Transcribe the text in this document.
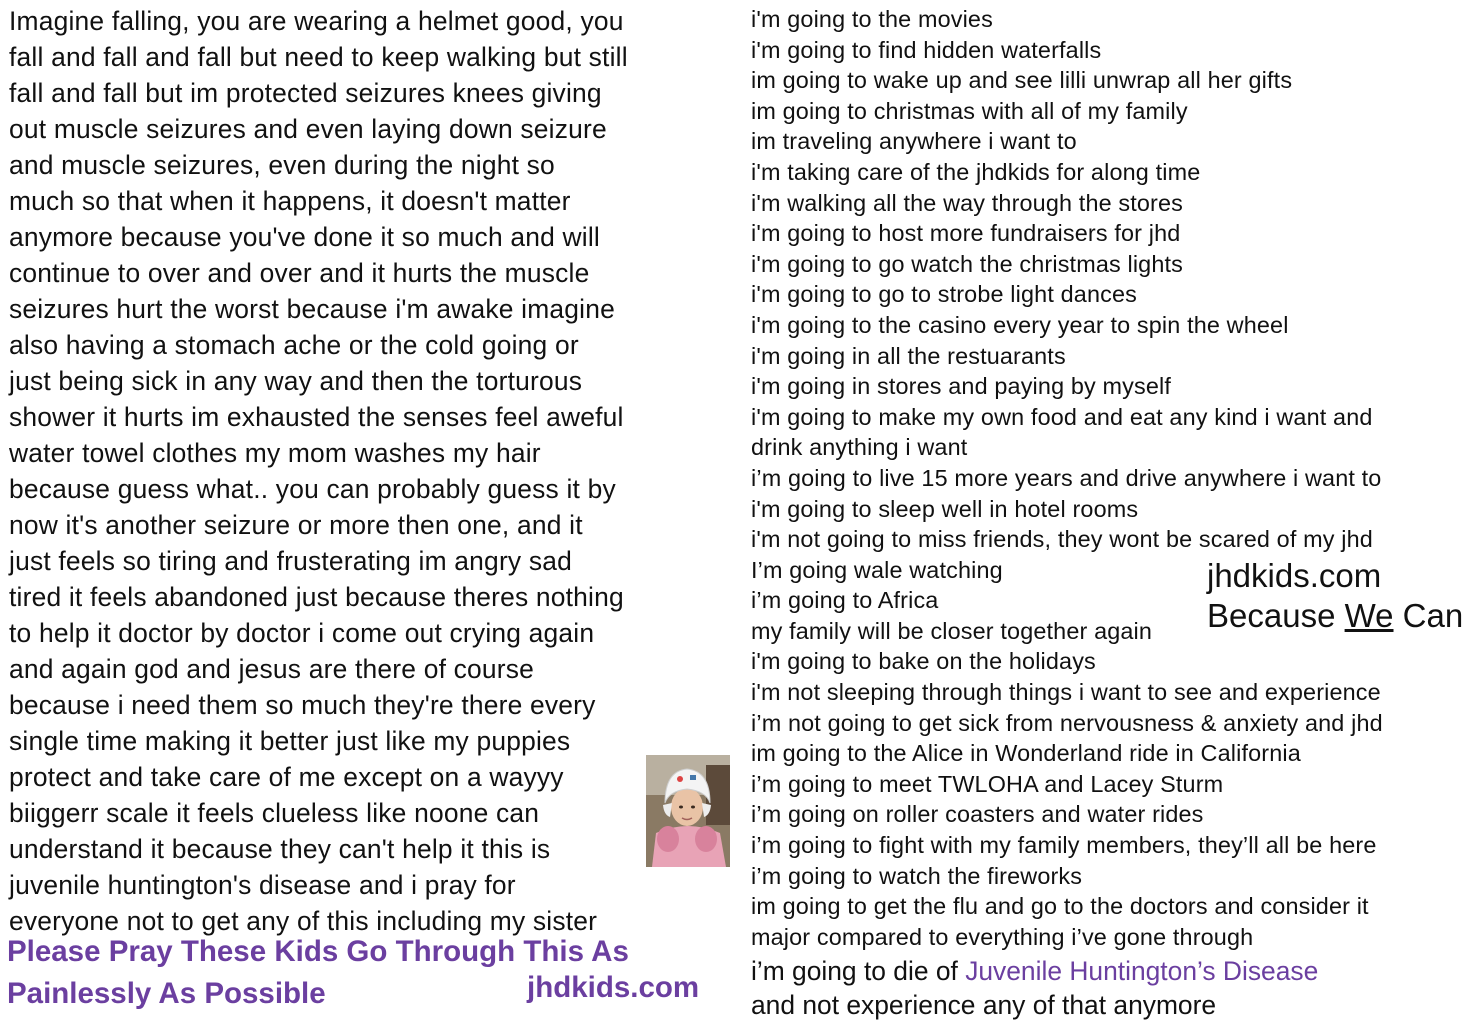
Imagine falling, you are wearing a helmet good, you
fall and fall and fall but need to keep walking but still
fall and fall but im protected seizures knees giving
out muscle seizures and even laying down seizure
and muscle seizures, even during the night so
much so that when it happens, it doesn't matter
anymore because you've done it so much and will
continue to over and over and it hurts the muscle
seizures hurt the worst because i'm awake imagine
also having a stomach ache or the cold going or
just being sick in any way and then the torturous
shower it hurts im exhausted the senses feel aweful
water towel clothes my mom washes my hair
because guess what.. you can probably guess it by
now it's another seizure or more then one, and it
just feels so tiring and frusterating im angry sad
tired it feels abandoned just because theres nothing
to help it doctor by doctor i come out crying again
and again god and jesus are there of course
because i need them so much they're there every
single time making it better just like my puppies
protect and take care of me except on a wayyy
biiggerr scale it feels clueless like noone can
understand it because they can't help it this is
juvenile huntington's disease and i pray for
everyone not to get any of this including my sister
Please Pray These Kids Go Through This As
Painlessly As Possible	jhdkids.com
i'm going to the movies
i'm going to find hidden waterfalls
im going to wake up and see lilli unwrap all her gifts
im going to christmas with all of my family
im traveling anywhere i want to
i'm taking care of the jhdkids for along time
i'm walking all the way through the stores
i'm going to host more fundraisers for jhd
i'm going to go watch the christmas lights
i'm going to go to strobe light dances
i'm going to the casino every year to spin the wheel
i'm going in all the restuarants
i'm going in stores and paying by myself
i'm going to make my own food and eat any kind i want and
drink anything i want
i’m going to live 15 more years and drive anywhere i want to
i'm going to sleep well in hotel rooms
i'm not going to miss friends, they wont be scared of my jhd
I’m going wale watching
i’m going to Africa
my family will be closer together again
i'm going to bake on the holidays
i'm not sleeping through things i want to see and experience
i’m not going to get sick from nervousness & anxiety and jhd
im going to the Alice in Wonderland ride in California
i’m going to meet TWLOHA and Lacey Sturm
i’m going on roller coasters and water rides
i’m going to fight with my family members, they’ll all be here
i’m going to watch the fireworks
im going to get the flu and go to the doctors and consider it
major compared to everything i’ve gone through
jhdkids.com
Because We Can
i’m going to die of Juvenile Huntington’s Disease
and not experience any of that anymore
